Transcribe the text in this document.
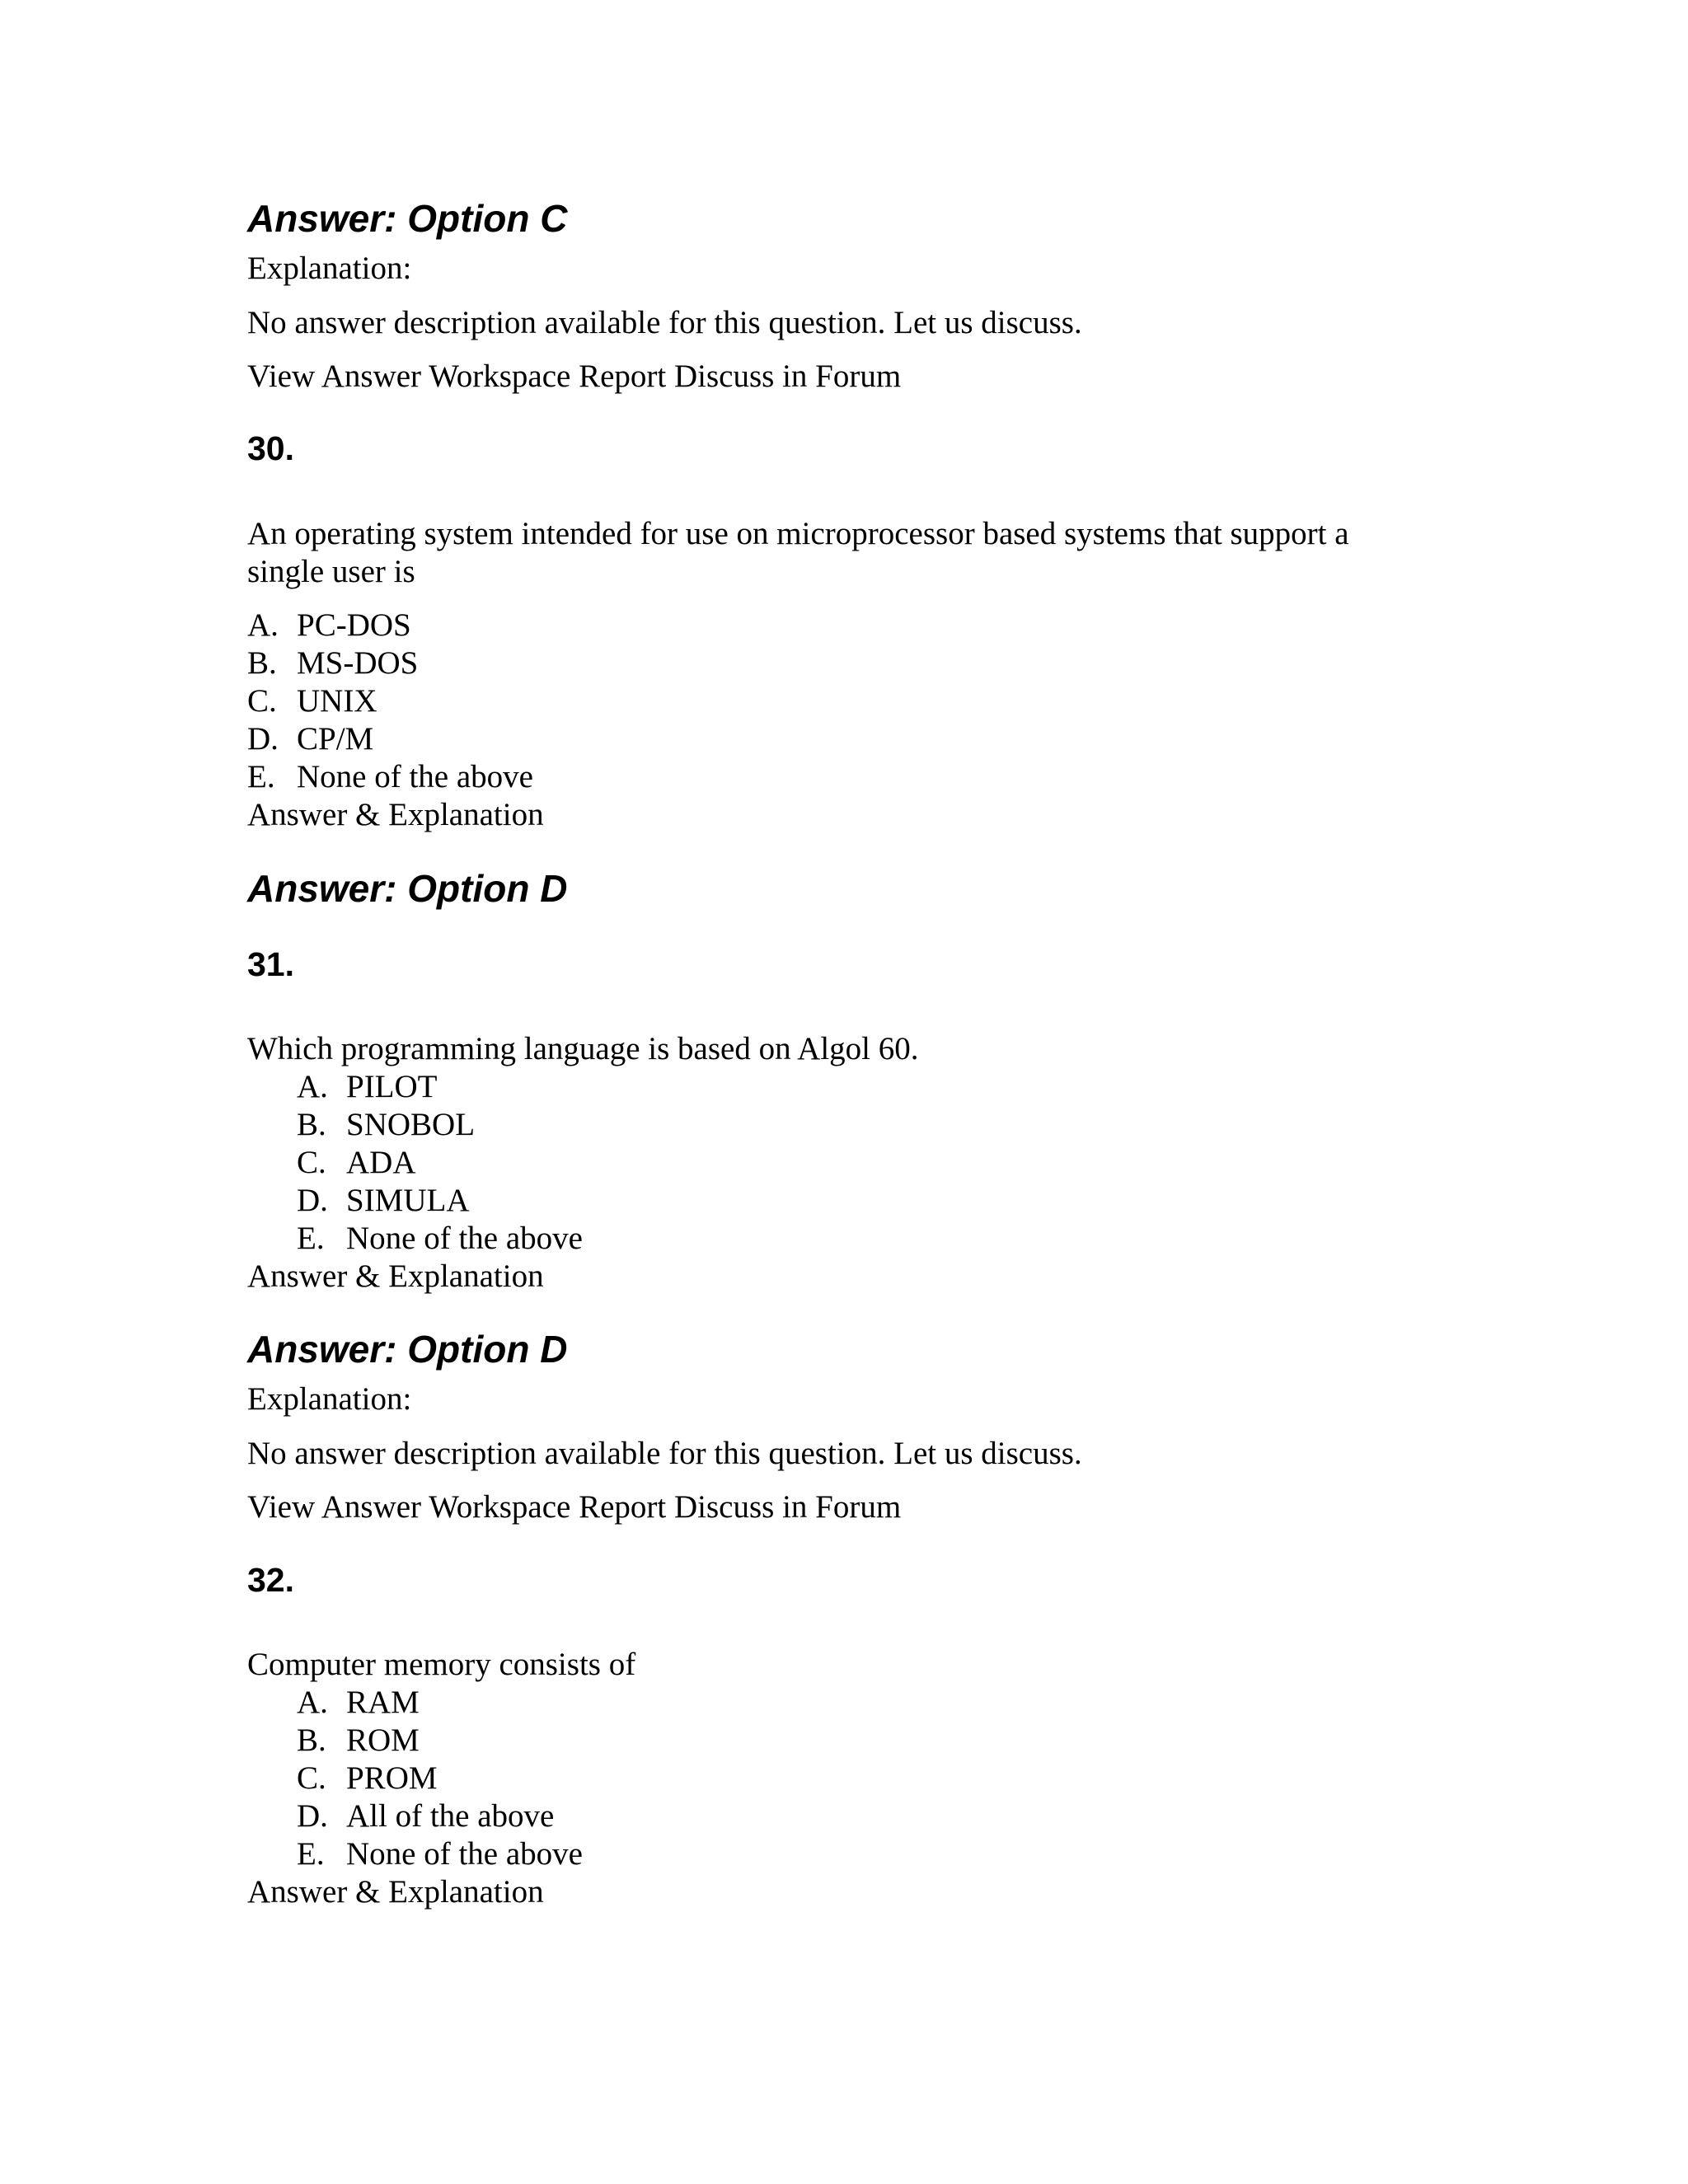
Answer: Option C

Explanation:

No answer description available for this question. Let us discuss.

View Answer Workspace Report Discuss in Forum

30.

An operating system intended for use on microprocessor based systems that support a

single user is

A. PC-DOS
B. MS-DOS
C. UNIX
D. CP/M
E. None of the above
Answer & Explanation
Answer: Option D
31.

Which programming language is based on Algol 60.

A. PILOT
B. SNOBOL
C. ADA
D. SIMULA
E. None of the above
Answer & Explanation
Answer: Option D

Explanation:

No answer description available for this question. Let us discuss.

View Answer Workspace Report Discuss in Forum

32.

Computer memory consists of

A. RAM
B. ROM
C. PROM
D. All of the above
E. None of the above
Answer & Explanation
